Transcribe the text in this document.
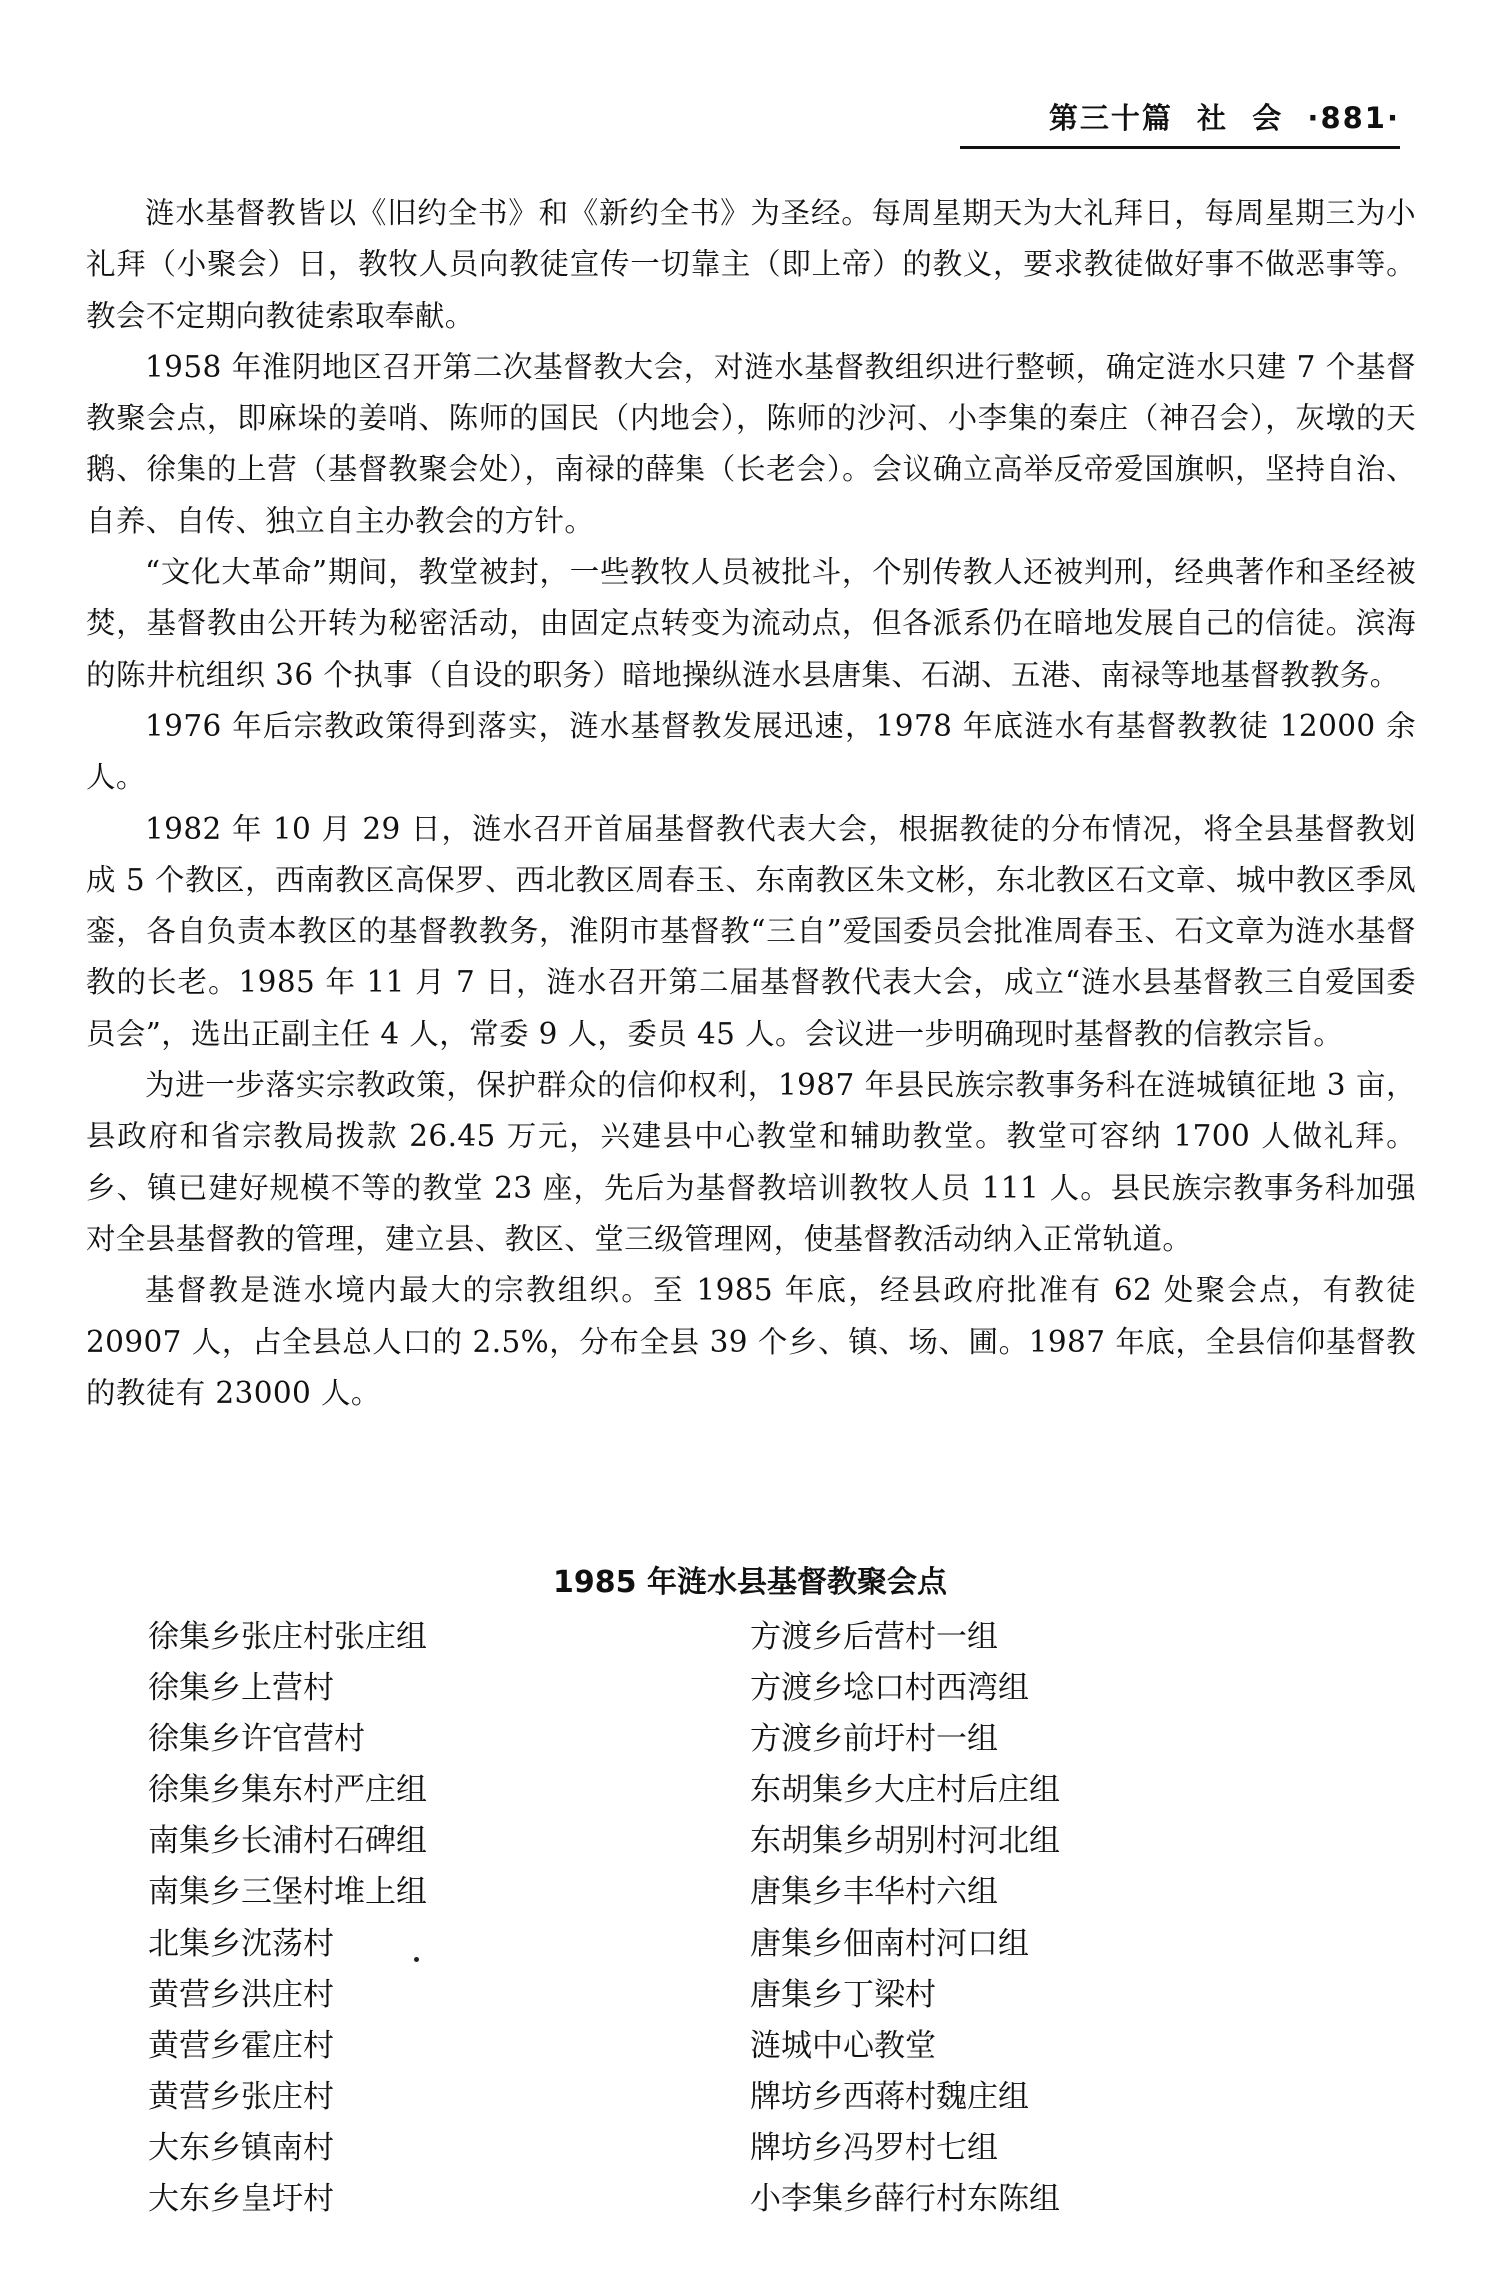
第三十篇  社  会  ·881·

涟水基督教皆以《旧约全书》和《新约全书》为圣经。每周星期天为大礼拜日，每周星期三为小礼拜（小聚会）日，教牧人员向教徒宣传一切靠主（即上帝）的教义，要求教徒做好事不做恶事等。教会不定期向教徒索取奉献。

1958 年淮阴地区召开第二次基督教大会，对涟水基督教组织进行整顿，确定涟水只建 7 个基督教聚会点，即麻垛的姜哨、陈师的国民（内地会），陈师的沙河、小李集的秦庄（神召会），灰墩的天鹅、徐集的上营（基督教聚会处），南禄的薛集（长老会）。会议确立高举反帝爱国旗帜，坚持自治、自养、自传、独立自主办教会的方针。

“文化大革命”期间，教堂被封，一些教牧人员被批斗，个别传教人还被判刑，经典著作和圣经被焚，基督教由公开转为秘密活动，由固定点转变为流动点，但各派系仍在暗地发展自己的信徒。滨海的陈井杭组织 36 个执事（自设的职务）暗地操纵涟水县唐集、石湖、五港、南禄等地基督教教务。

1976 年后宗教政策得到落实，涟水基督教发展迅速，1978 年底涟水有基督教教徒 12000 余人。

1982 年 10 月 29 日，涟水召开首届基督教代表大会，根据教徒的分布情况，将全县基督教划成 5 个教区，西南教区高保罗、西北教区周春玉、东南教区朱文彬，东北教区石文章、城中教区季凤銮，各自负责本教区的基督教教务，淮阴市基督教“三自”爱国委员会批准周春玉、石文章为涟水基督教的长老。1985 年 11 月 7 日，涟水召开第二届基督教代表大会，成立“涟水县基督教三自爱国委员会”，选出正副主任 4 人，常委 9 人，委员 45 人。会议进一步明确现时基督教的信教宗旨。

为进一步落实宗教政策，保护群众的信仰权利，1987 年县民族宗教事务科在涟城镇征地 3 亩，县政府和省宗教局拨款 26.45 万元，兴建县中心教堂和辅助教堂。教堂可容纳 1700 人做礼拜。乡、镇已建好规模不等的教堂 23 座，先后为基督教培训教牧人员 111 人。县民族宗教事务科加强对全县基督教的管理，建立县、教区、堂三级管理网，使基督教活动纳入正常轨道。

基督教是涟水境内最大的宗教组织。至 1985 年底，经县政府批准有 62 处聚会点，有教徒 20907 人，占全县总人口的 2.5%，分布全县 39 个乡、镇、场、圃。1987 年底，全县信仰基督教的教徒有 23000 人。

1985 年涟水县基督教聚会点
徐集乡张庄村张庄组
徐集乡上营村
徐集乡许官营村
徐集乡集东村严庄组
南集乡长浦村石碑组
南集乡三堡村堆上组
北集乡沈荡村
黄营乡洪庄村
黄营乡霍庄村
黄营乡张庄村
大东乡镇南村
大东乡皇圩村
方渡乡后营村一组
方渡乡埝口村西湾组
方渡乡前圩村一组
东胡集乡大庄村后庄组
东胡集乡胡别村河北组
唐集乡丰华村六组
唐集乡佃南村河口组
唐集乡丁梁村
涟城中心教堂
牌坊乡西蒋村魏庄组
牌坊乡冯罗村七组
小李集乡薛行村东陈组
